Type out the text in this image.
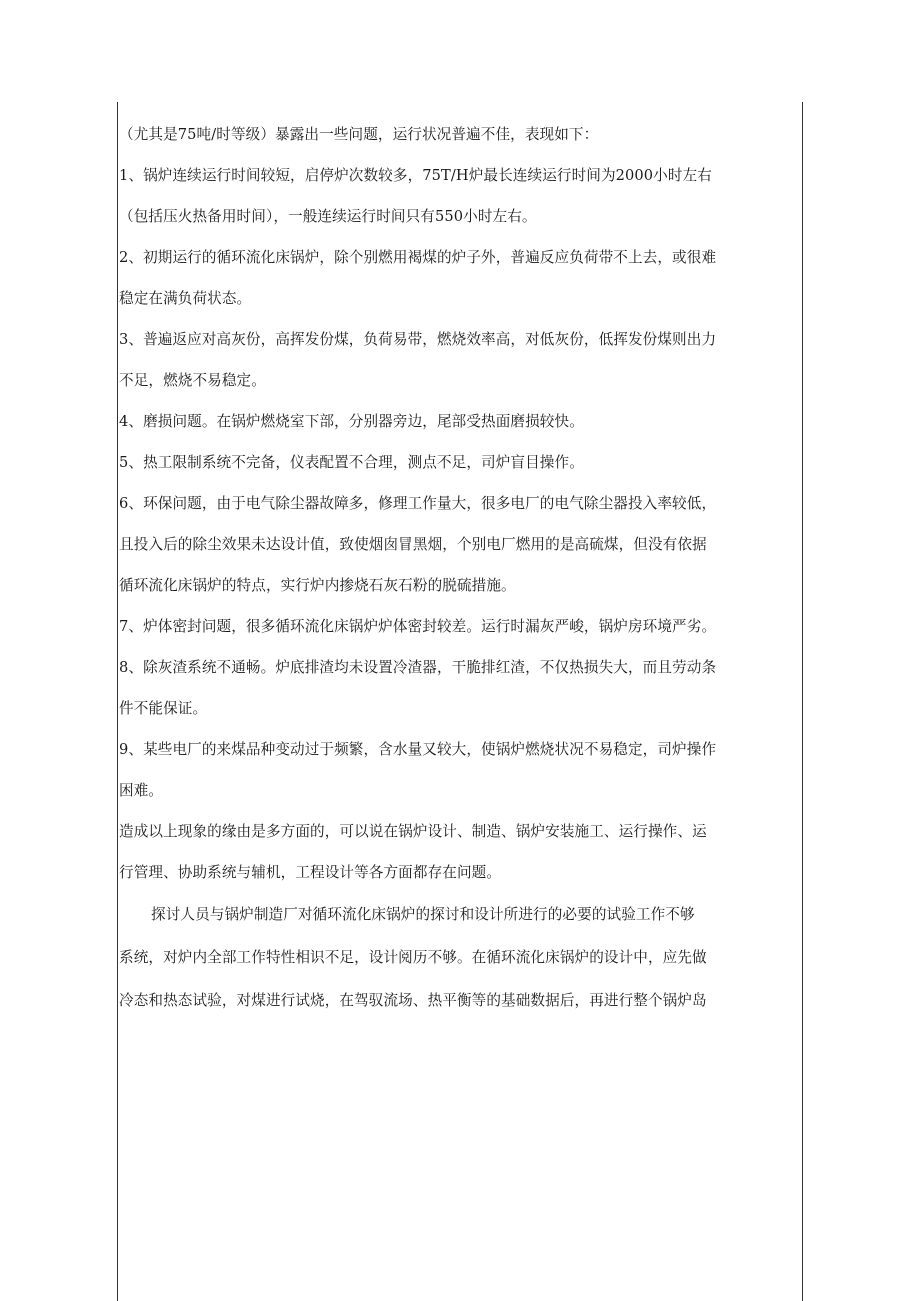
（尤其是75吨/时等级）暴露出一些问题，运行状况普遍不佳，表现如下：

1、锅炉连续运行时间较短，启停炉次数较多，75T/H炉最长连续运行时间为2000小时左右

（包括压火热备用时间），一般连续运行时间只有550小时左右。

2、初期运行的循环流化床锅炉，除个别燃用褐煤的炉子外，普遍反应负荷带不上去，或很难

稳定在满负荷状态。

3、普遍返应对高灰份，高挥发份煤，负荷易带，燃烧效率高，对低灰份，低挥发份煤则出力

不足，燃烧不易稳定。

4、磨损问题。在锅炉燃烧室下部，分别器旁边，尾部受热面磨损较快。

5、热工限制系统不完备，仪表配置不合理，测点不足，司炉盲目操作。

6、环保问题，由于电气除尘器故障多，修理工作量大，很多电厂的电气除尘器投入率较低，

且投入后的除尘效果未达设计值，致使烟囱冒黑烟，个别电厂燃用的是高硫煤，但没有依据

循环流化床锅炉的特点，实行炉内掺烧石灰石粉的脱硫措施。

7、炉体密封问题，很多循环流化床锅炉炉体密封较差。运行时漏灰严峻，锅炉房环境严劣。

8、除灰渣系统不通畅。炉底排渣均未设置冷渣器，干脆排红渣，不仅热损失大，而且劳动条

件不能保证。

9、某些电厂的来煤品种变动过于频繁，含水量又较大，使锅炉燃烧状况不易稳定，司炉操作

困难。

造成以上现象的缘由是多方面的，可以说在锅炉设计、制造、锅炉安装施工、运行操作、运

行管理、协助系统与辅机，工程设计等各方面都存在问题。

探讨人员与锅炉制造厂对循环流化床锅炉的探讨和设计所进行的必要的试验工作不够

系统，对炉内全部工作特性相识不足，设计阅历不够。在循环流化床锅炉的设计中，应先做

冷态和热态试验，对煤进行试烧，在驾驭流场、热平衡等的基础数据后，再进行整个锅炉岛
